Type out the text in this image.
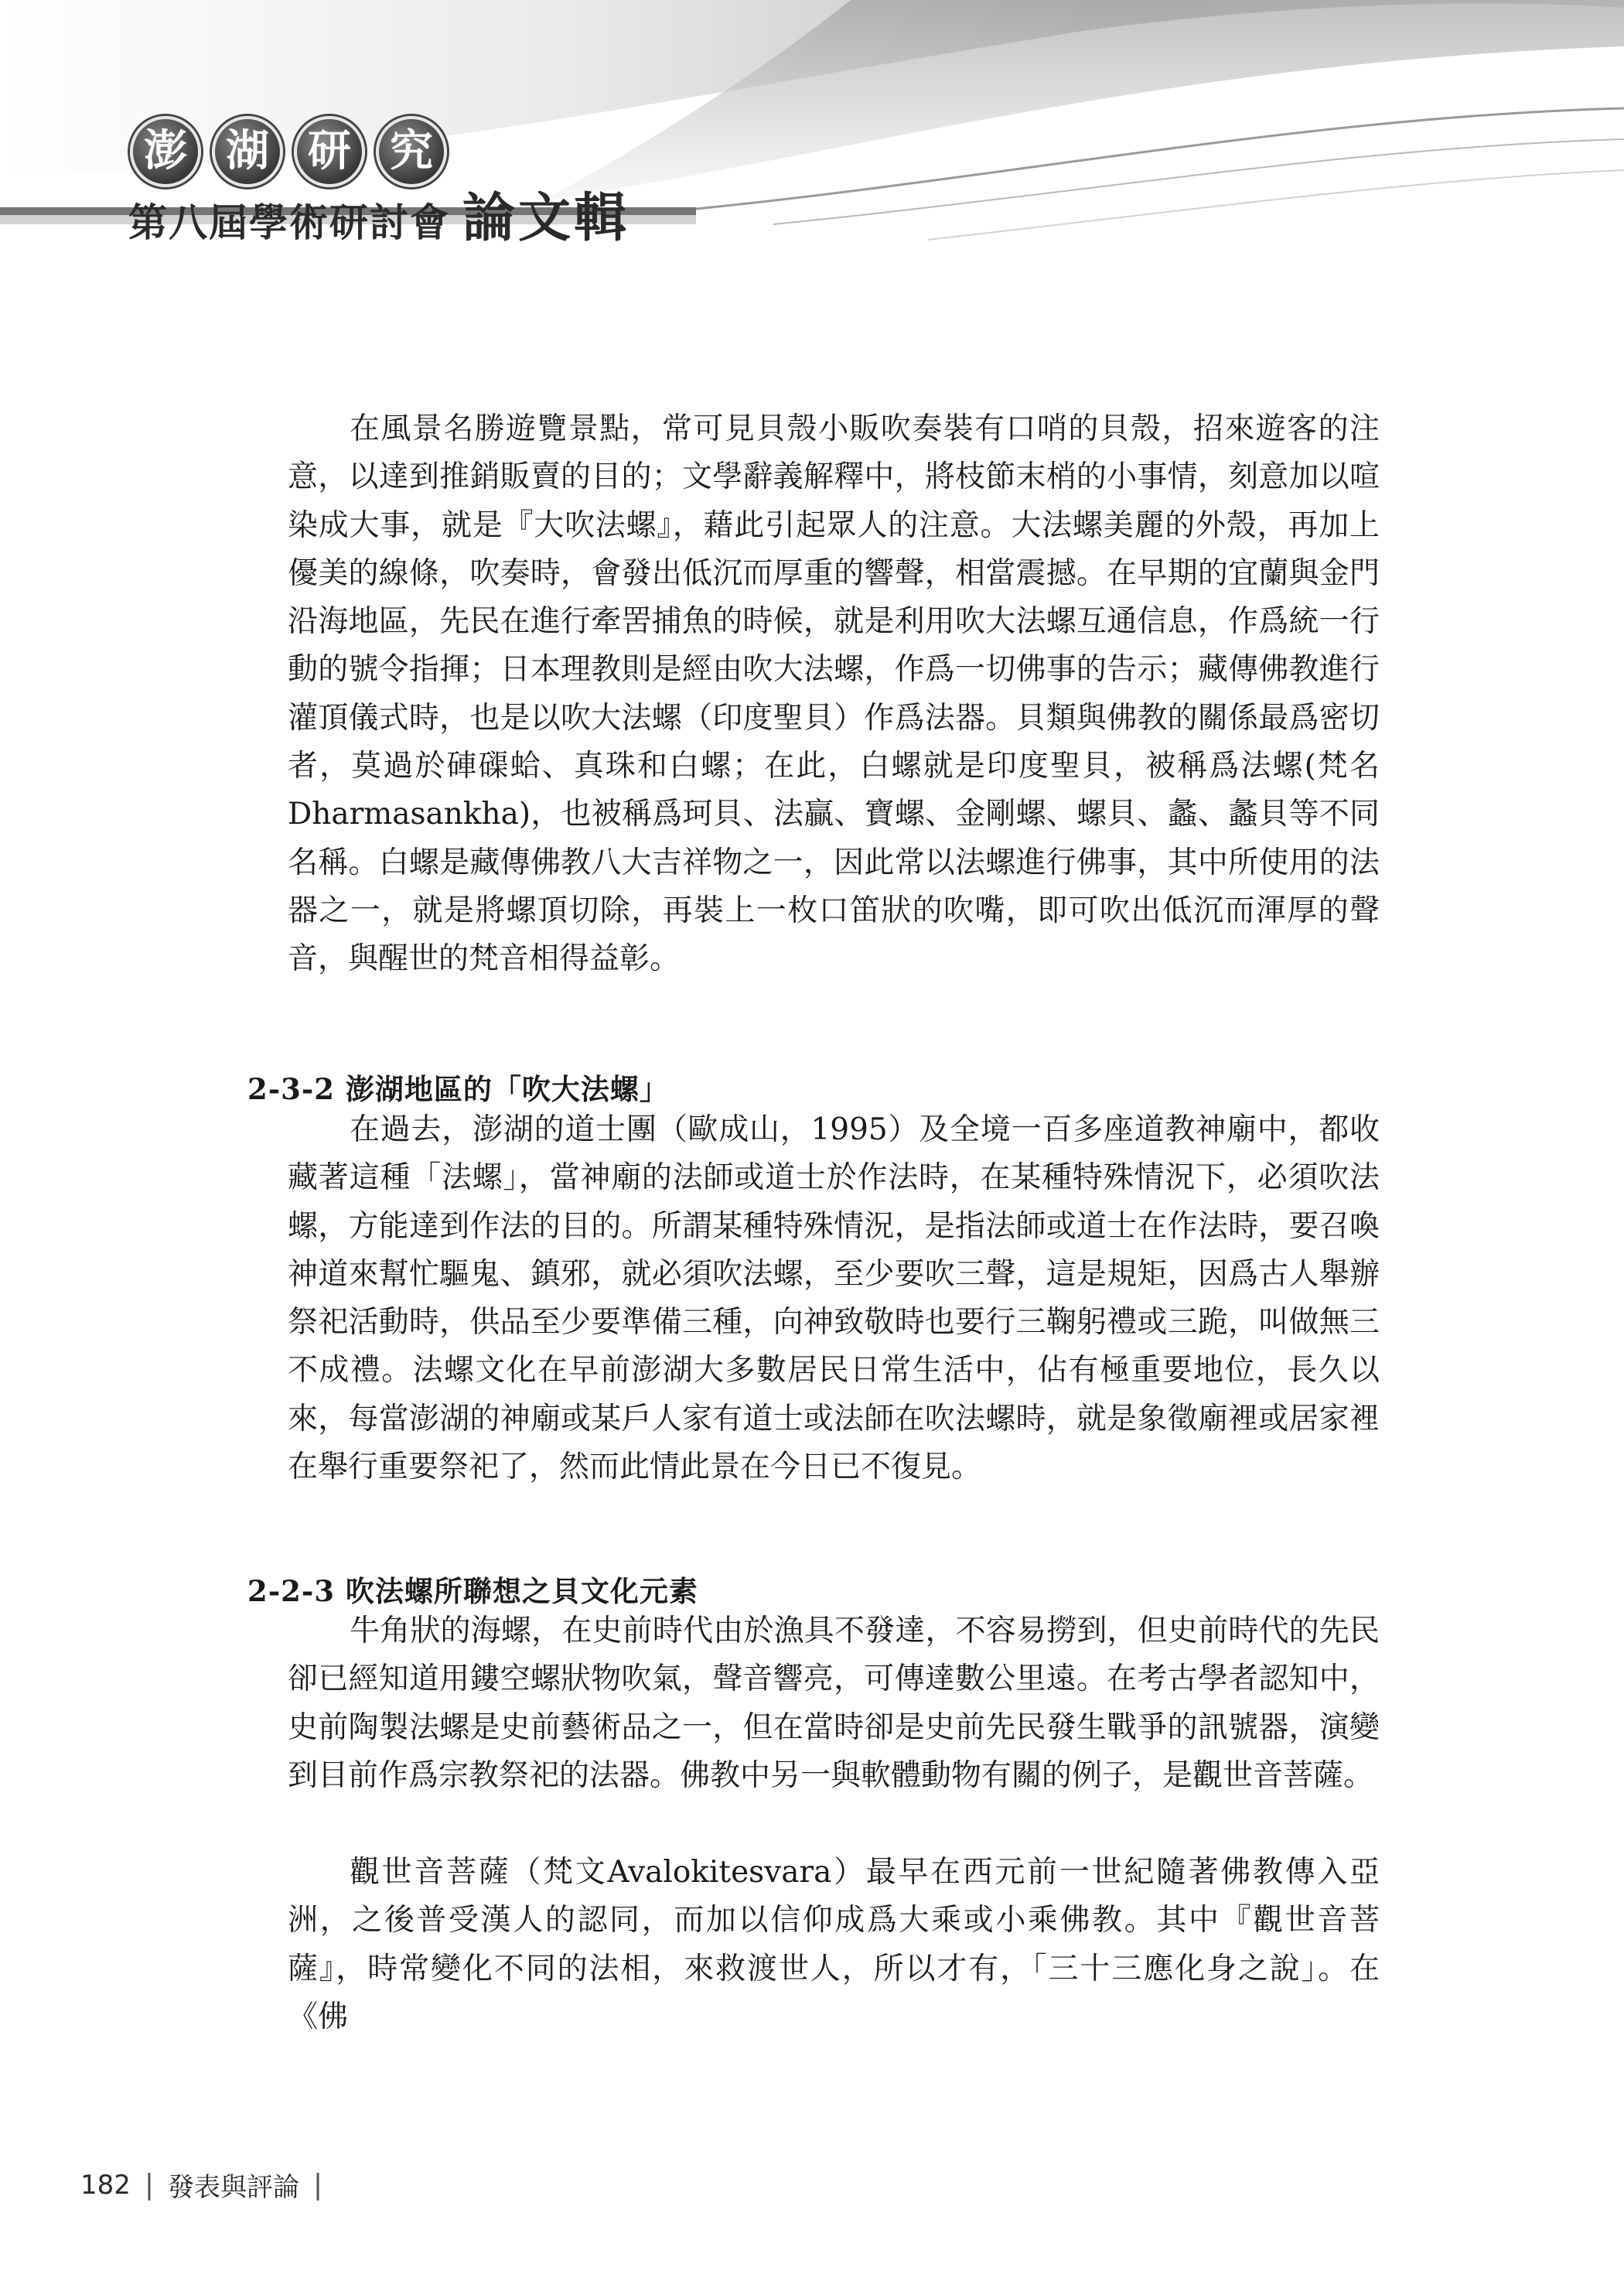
澎 湖 研 究
第八屆學術研討會 論文輯

在風景名勝遊覽景點，常可見貝殼小販吹奏裝有口哨的貝殼，招來遊客的注意，以達到推銷販賣的目的；文學辭義解釋中，將枝節末梢的小事情，刻意加以喧染成大事，就是『大吹法螺』，藉此引起眾人的注意。大法螺美麗的外殼，再加上優美的線條，吹奏時，會發出低沉而厚重的響聲，相當震撼。在早期的宜蘭與金門沿海地區，先民在進行牽罟捕魚的時候，就是利用吹大法螺互通信息，作爲統一行動的號令指揮；日本理教則是經由吹大法螺，作爲一切佛事的告示；藏傳佛教進行灌頂儀式時，也是以吹大法螺（印度聖貝）作爲法器。貝類與佛教的關係最爲密切者，莫過於硨磲蛤、真珠和白螺；在此，白螺就是印度聖貝，被稱爲法螺(梵名 Dharmasankha)，也被稱爲珂貝、法贏、寶螺、金剛螺、螺貝、蠡、蠡貝等不同名稱。白螺是藏傳佛教八大吉祥物之一，因此常以法螺進行佛事，其中所使用的法器之一，就是將螺頂切除，再裝上一枚口笛狀的吹嘴，即可吹出低沉而渾厚的聲音，與醒世的梵音相得益彰。

2-3-2 澎湖地區的「吹大法螺」

在過去，澎湖的道士團（歐成山，1995）及全境一百多座道教神廟中，都收藏著這種「法螺」，當神廟的法師或道士於作法時，在某種特殊情況下，必須吹法螺，方能達到作法的目的。所謂某種特殊情況，是指法師或道士在作法時，要召喚神道來幫忙驅鬼、鎮邪，就必須吹法螺，至少要吹三聲，這是規矩，因爲古人舉辦祭祀活動時，供品至少要準備三種，向神致敬時也要行三鞠躬禮或三跪，叫做無三不成禮。法螺文化在早前澎湖大多數居民日常生活中，佔有極重要地位，長久以來，每當澎湖的神廟或某戶人家有道士或法師在吹法螺時，就是象徵廟裡或居家裡在舉行重要祭祀了，然而此情此景在今日已不復見。

2-2-3 吹法螺所聯想之貝文化元素

牛角狀的海螺，在史前時代由於漁具不發達，不容易撈到，但史前時代的先民卻已經知道用鏤空螺狀物吹氣，聲音響亮，可傳達數公里遠。在考古學者認知中，史前陶製法螺是史前藝術品之一，但在當時卻是史前先民發生戰爭的訊號器，演變到目前作爲宗教祭祀的法器。佛教中另一與軟體動物有關的例子，是觀世音菩薩。

觀世音菩薩（梵文Avalokitesvara）最早在西元前一世紀隨著佛教傳入亞洲，之後普受漢人的認同，而加以信仰成爲大乘或小乘佛教。其中『觀世音菩薩』，時常變化不同的法相，來救渡世人，所以才有，「三十三應化身之說」。在《佛

182 | 發表與評論 |
